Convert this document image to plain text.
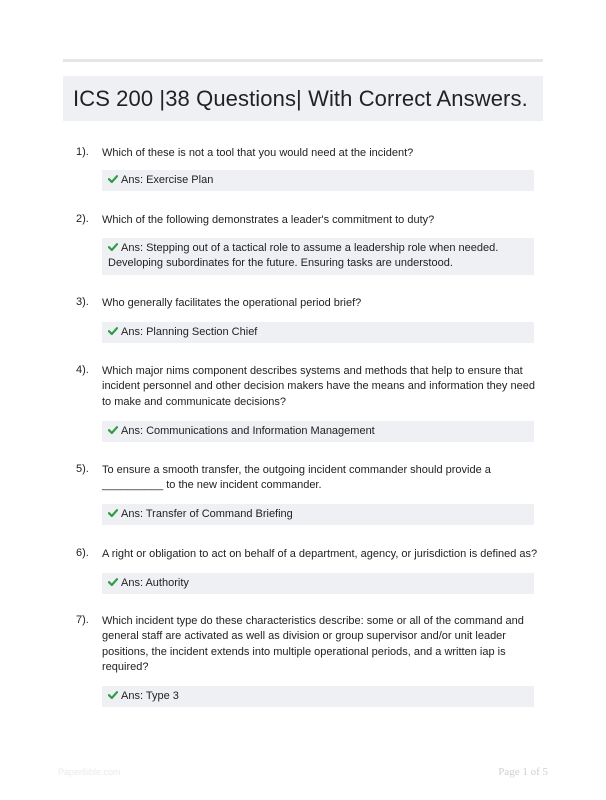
ICS 200 |38 Questions| With Correct Answers.
1). Which of these is not a tool that you would need at the incident?
Ans: Exercise Plan
2). Which of the following demonstrates a leader's commitment to duty?
Ans: Stepping out of a tactical role to assume a leadership role when needed. Developing subordinates for the future. Ensuring tasks are understood.
3). Who generally facilitates the operational period brief?
Ans: Planning Section Chief
4). Which major nims component describes systems and methods that help to ensure that incident personnel and other decision makers have the means and information they need to make and communicate decisions?
Ans: Communications and Information Management
5). To ensure a smooth transfer, the outgoing incident commander should provide a __________ to the new incident commander.
Ans: Transfer of Command Briefing
6). A right or obligation to act on behalf of a department, agency, or jurisdiction is defined as?
Ans: Authority
7). Which incident type do these characteristics describe: some or all of the command and general staff are activated as well as division or group supervisor and/or unit leader positions, the incident extends into multiple operational periods, and a written iap is required?
Ans: Type 3
Paper6ible.com	Page 1 of 5
